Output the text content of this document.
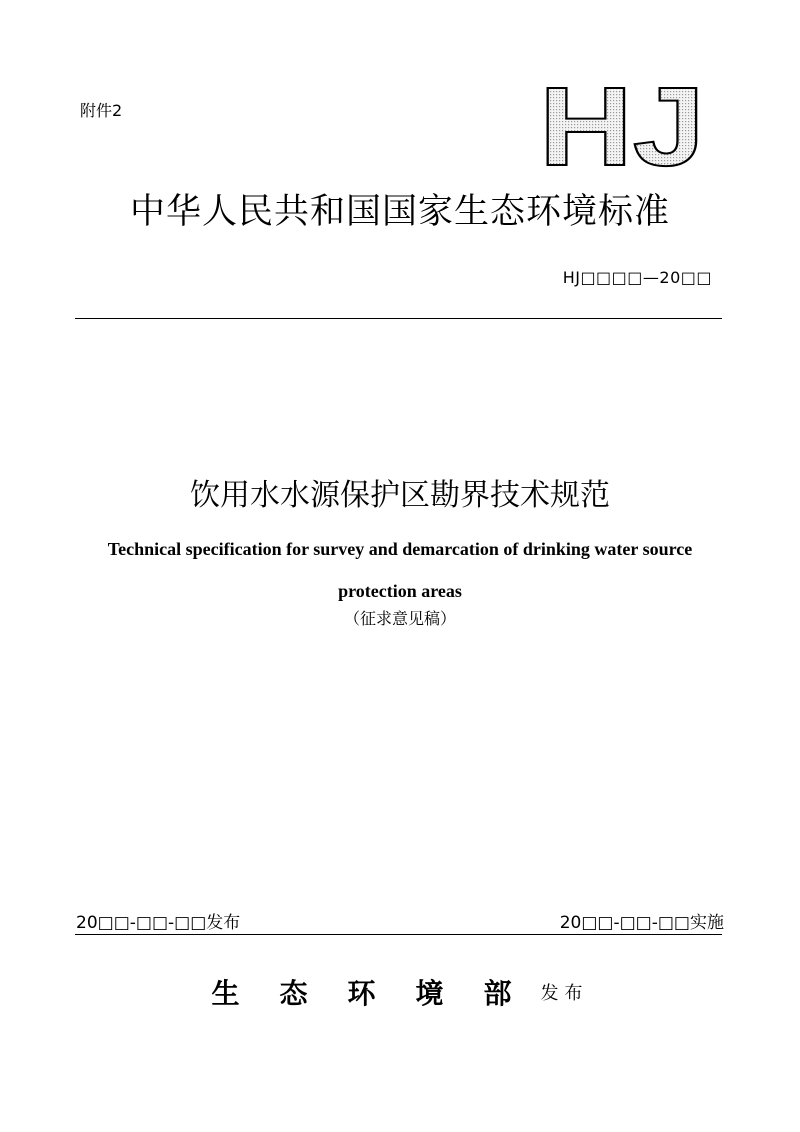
附件2	HJ
中华人民共和国国家生态环境标准
HJ□□□□—20□□
饮用水水源保护区勘界技术规范
Technical specification for survey and demarcation of drinking water source protection areas
（征求意见稿）
20□□-□□-□□发布	20□□-□□-□□实施
生态环境部 发布
